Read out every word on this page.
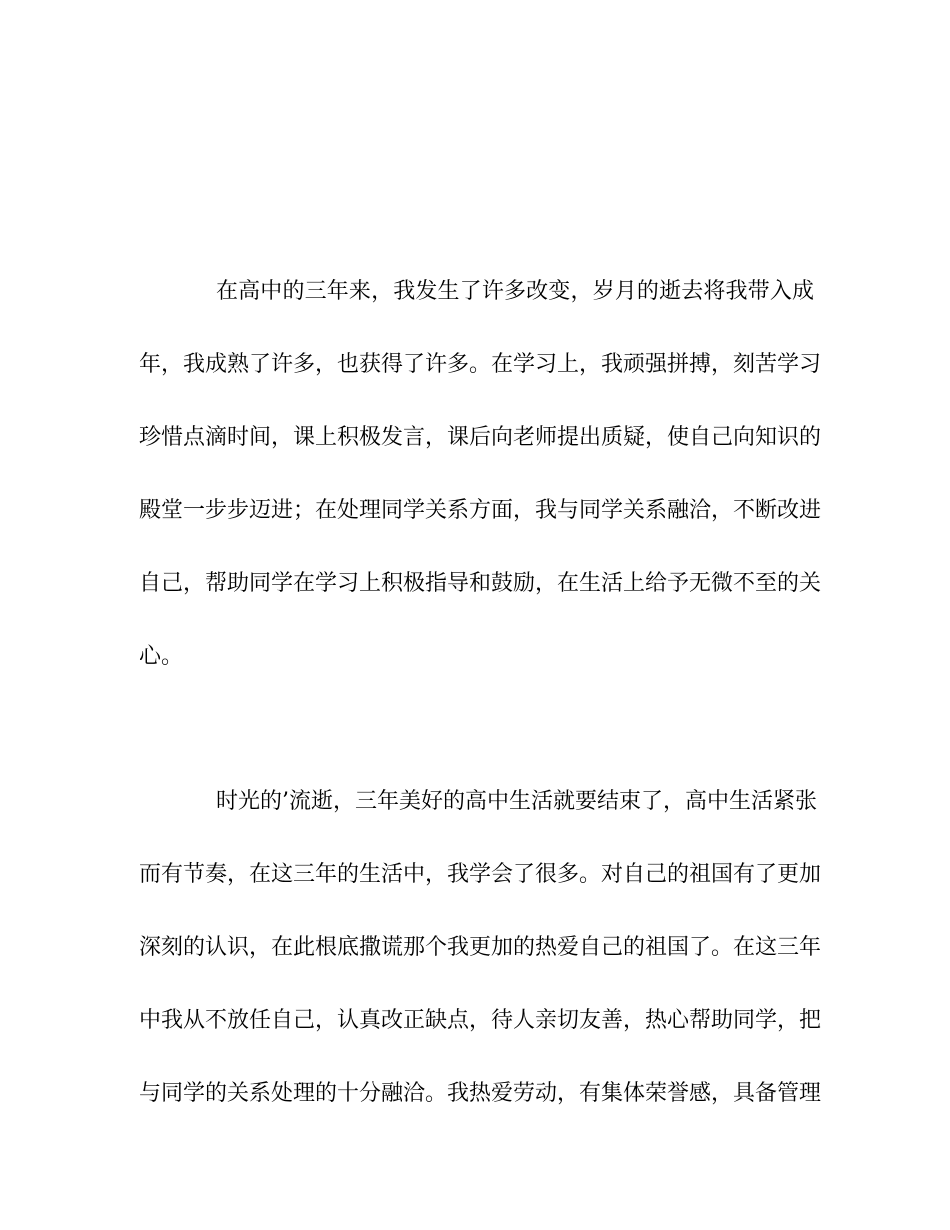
在高中的三年来，我发生了许多改变，岁月的逝去将我带入成

年，我成熟了许多，也获得了许多。在学习上，我顽强拼搏，刻苦学习

珍惜点滴时间，课上积极发言，课后向老师提出质疑，使自己向知识的

殿堂一步步迈进；在处理同学关系方面，我与同学关系融洽，不断改进

自己，帮助同学在学习上积极指导和鼓励，在生活上给予无微不至的关

心。

时光的’流逝，三年美好的高中生活就要结束了，高中生活紧张

而有节奏，在这三年的生活中，我学会了很多。对自己的祖国有了更加

深刻的认识，在此根底撒谎那个我更加的热爱自己的祖国了。在这三年

中我从不放任自己，认真改正缺点，待人亲切友善，热心帮助同学，把

与同学的关系处理的十分融洽。我热爱劳动，有集体荣誉感，具备管理
